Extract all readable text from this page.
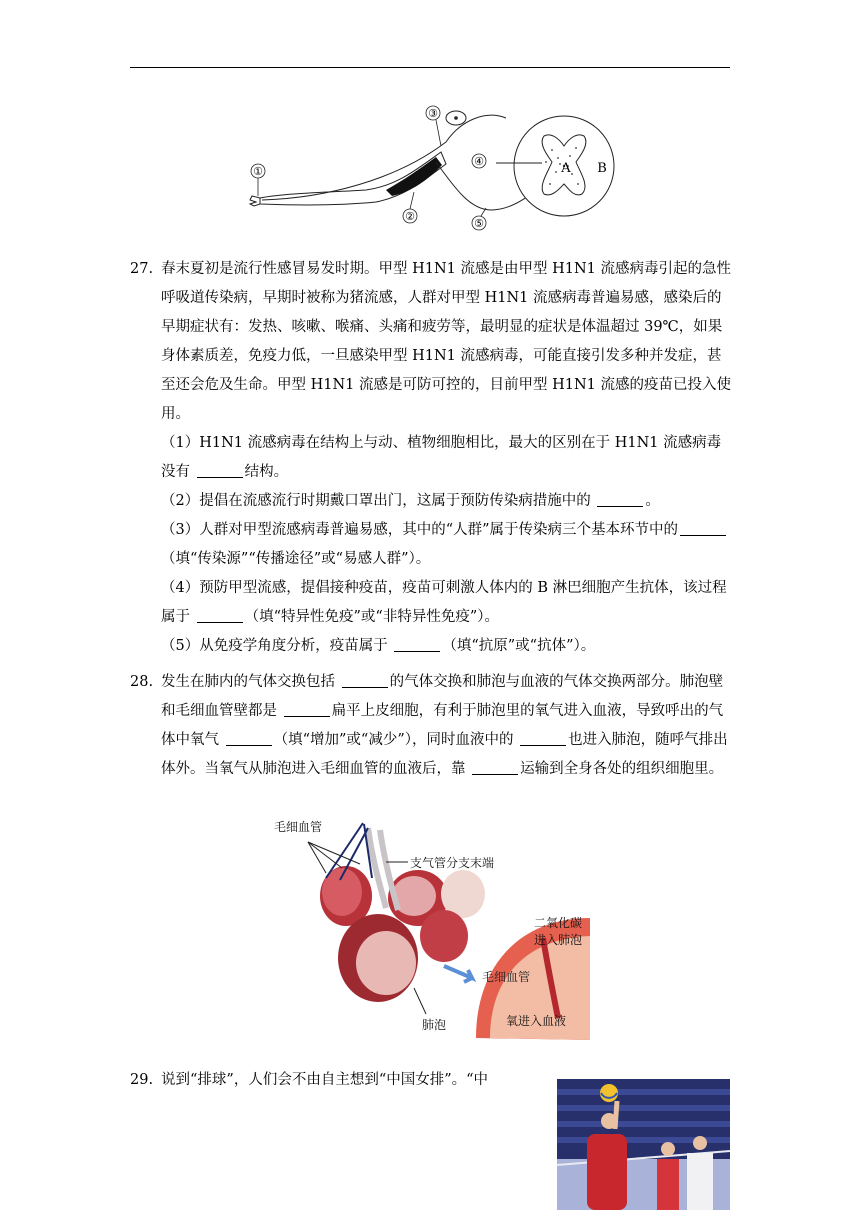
①
②
③
④
⑤
A B
27. 春末夏初是流行性感冒易发时期。甲型 H1N1 流感是由甲型 H1N1 流感病毒引起的急性呼吸道传染病，早期时被称为猪流感，人群对甲型 H1N1 流感病毒普遍易感，感染后的早期症状有：发热、咳嗽、喉痛、头痛和疲劳等，最明显的症状是体温超过 39℃，如果身体素质差，免疫力低，一旦感染甲型 H1N1 流感病毒，可能直接引发多种并发症，甚至还会危及生命。甲型 H1N1 流感是可防可控的，目前甲型 H1N1 流感的疫苗已投入使用。

（1）H1N1 流感病毒在结构上与动、植物细胞相比，最大的区别在于 H1N1 流感病毒没有	结构。

（2）提倡在流感流行时期戴口罩出门，这属于预防传染病措施中的	。

（3）人群对甲型流感病毒普遍易感，其中的“人群”属于传染病三个基本环节中的（填“传染源”“传播途径”或“易感人群”）。

（4）预防甲型流感，提倡接种疫苗，疫苗可刺激人体内的 B 淋巴细胞产生抗体，该过程属于	（填“特异性免疫”或“非特异性免疫”）。

（5）从免疫学角度分析，疫苗属于	（填“抗原”或“抗体”）。

28. 发生在肺内的气体交换包括	的气体交换和肺泡与血液的气体交换两部分。肺泡壁和毛细血管壁都是	扁平上皮细胞，有利于肺泡里的氧气进入血液，导致呼出的气体中氧气	（填“增加”或“减少”），同时血液中的	也进入肺泡，随呼气排出体外。当氧气从肺泡进入毛细血管的血液后，靠	运输到全身各处的组织细胞里。

毛细血管
支气管分支末端
二氧化碳
进入肺泡
毛细血管
肺泡	氧进入血液
29. 说到“排球”，人们会不由自主想到“中国女排”。“中
